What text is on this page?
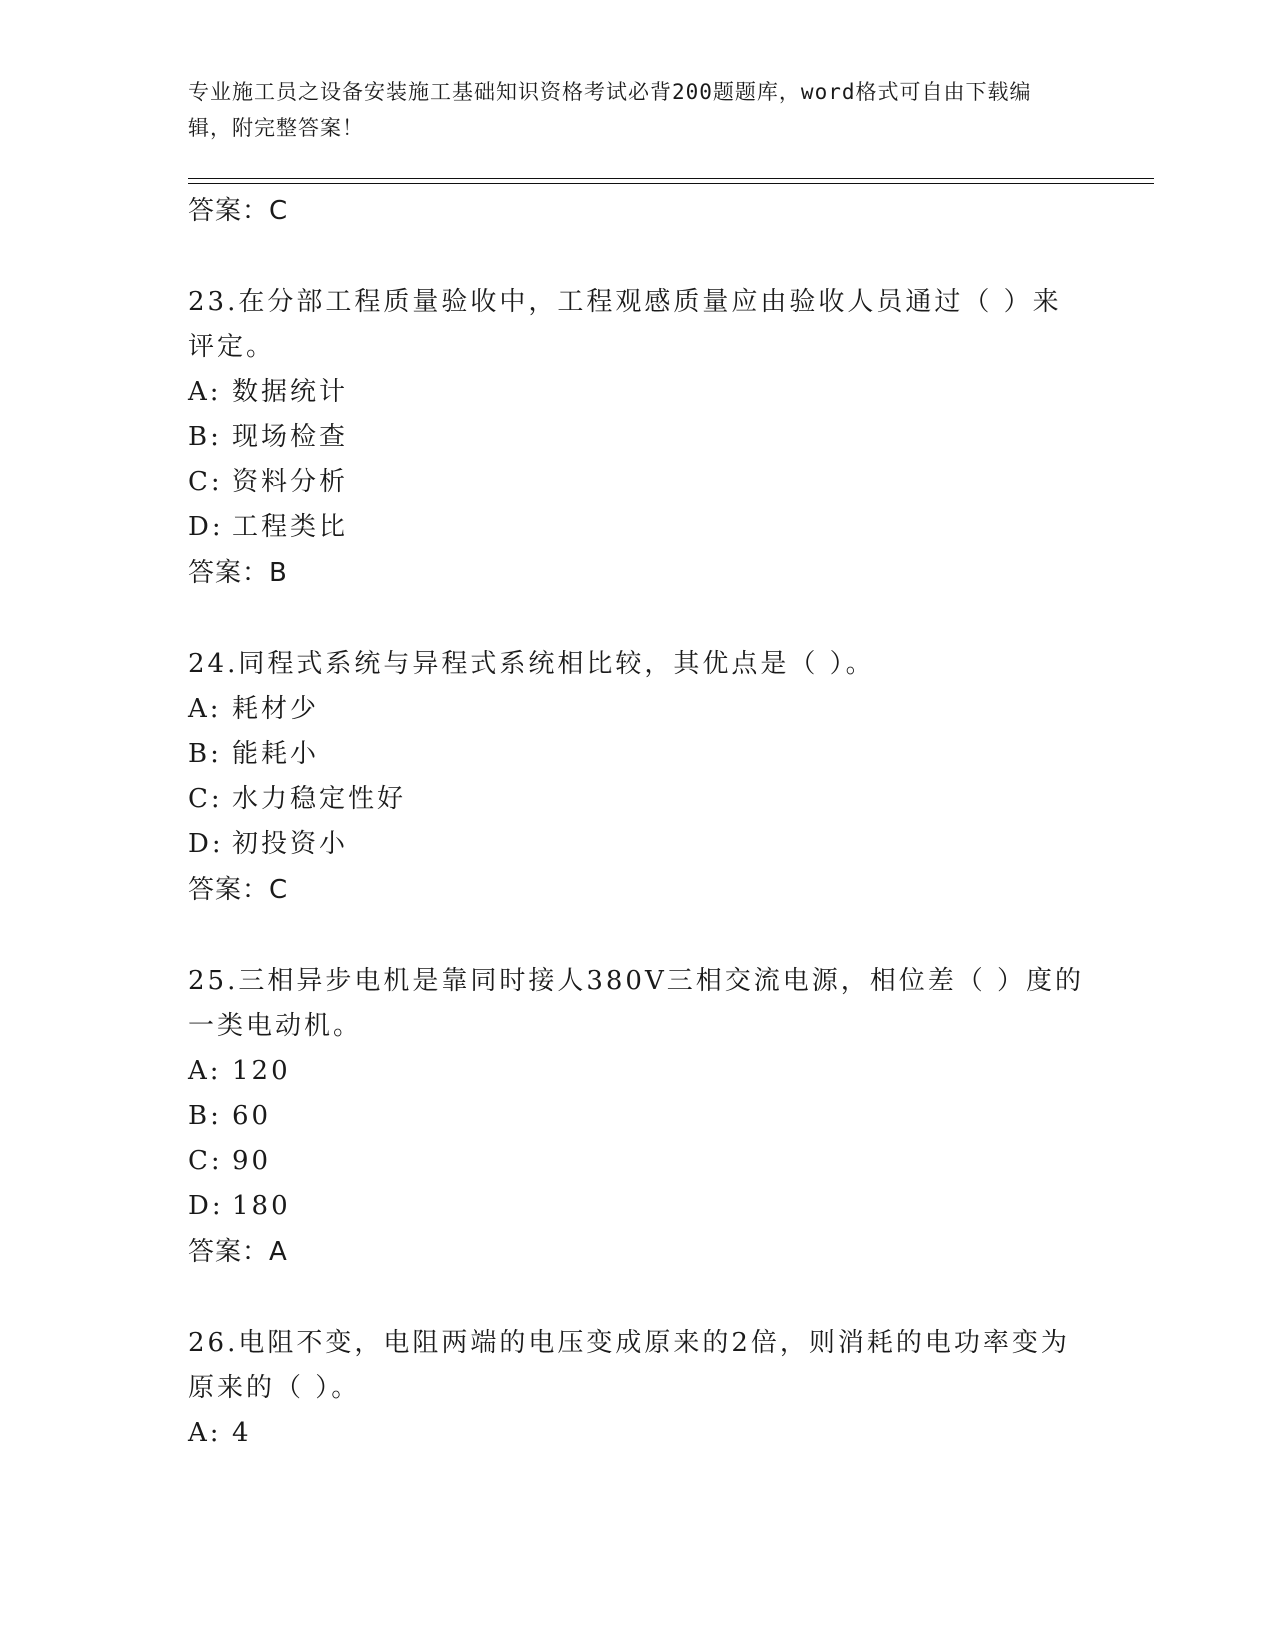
专业施工员之设备安装施工基础知识资格考试必背200题题库，word格式可自由下载编辑，附完整答案！
答案：C

23.在分部工程质量验收中，工程观感质量应由验收人员通过（ ）来评定。

A: 数据统计
B: 现场检查
C: 资料分析
D: 工程类比
答案：B

24.同程式系统与异程式系统相比较，其优点是（ ）。

A: 耗材少
B: 能耗小
C: 水力稳定性好
D: 初投资小
答案：C

25.三相异步电机是靠同时接人380V三相交流电源，相位差（ ）度的一类电动机。

A: 120
B: 60
C: 90
D: 180
答案：A

26.电阻不变，电阻两端的电压变成原来的2倍，则消耗的电功率变为原来的（ ）。

A: 4
